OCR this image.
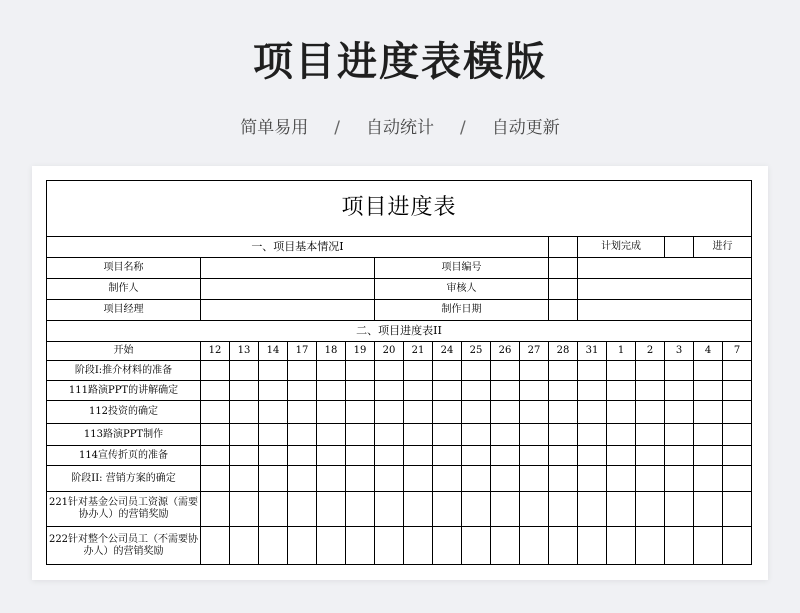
项目进度表模版
简单易用 / 自动统计 / 自动更新
项目进度表																			
一、项目基本情况I														计划完成				进行	
项目名称							项目编号												
制作人							审核人												
项目经理							制作日期												
二、项目进度表II																			
开始	12	13	14	17	18	19	20	21	24	25	26	27	28	31	1	2	3	4	7
阶段I:推介材料的准备																			
111路演PPT的讲解确定																			
112投资的确定																			
113路演PPT制作																			
114宣传折页的准备																			
阶段II: 营销方案的确定																			
221针对基金公司员工资源（需要协办人）的营销奖励																			
222针对整个公司员工（不需要协办人）的营销奖励																			
